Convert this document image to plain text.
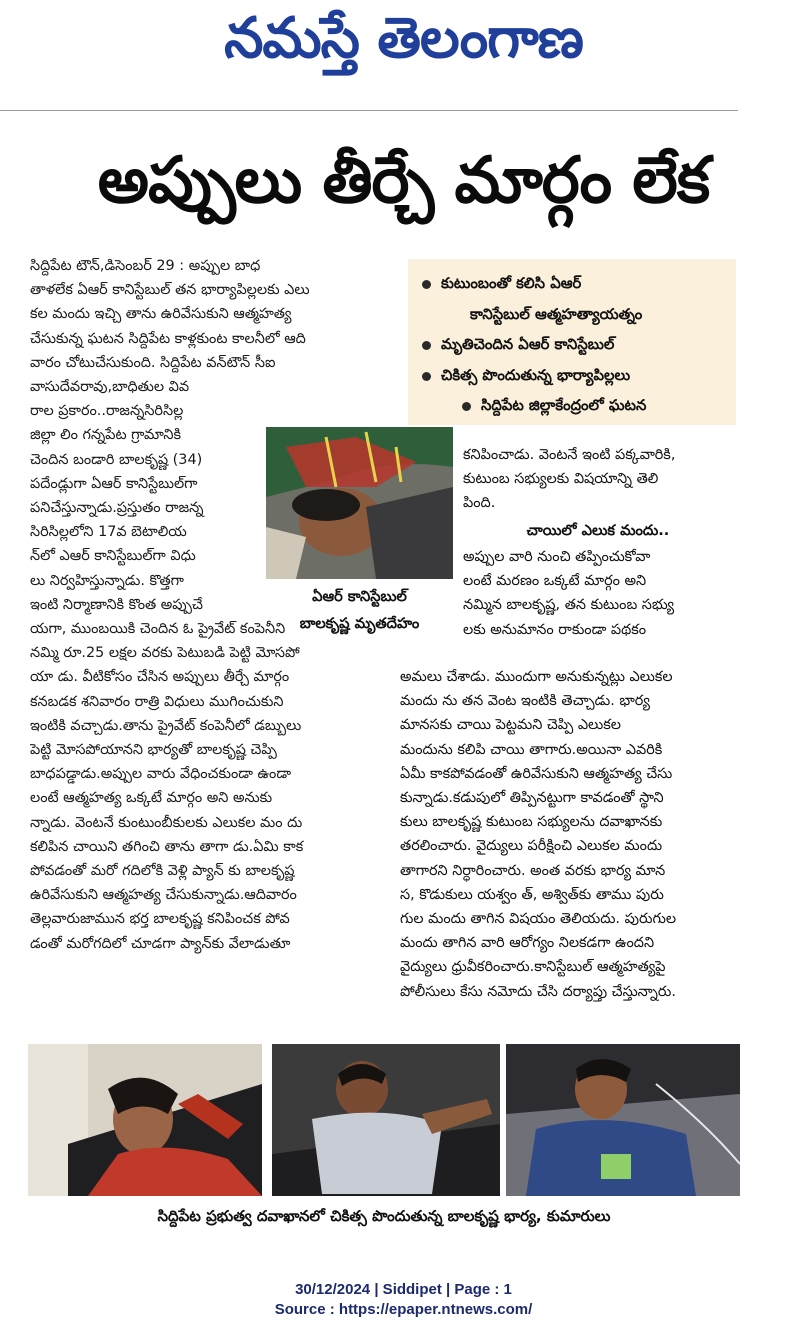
నమస్తే తెలంగాణ
అప్పులు తీర్చే మార్గం లేక
సిద్దిపేట టౌన్,డిసెంబర్ 29 : అప్పుల బాధ
తాళలేక ఏఆర్ కానిస్టేబుల్ తన భార్యాపిల్లలకు ఎలు
కల మందు ఇచ్చి తాను ఉరివేసుకుని ఆత్మహత్య
చేసుకున్న ఘటన సిద్దిపేట కాళ్లకుంట కాలనీలో ఆది
వారం చోటుచేసుకుంది. సిద్దిపేట వన్‌టౌన్ సీఐ
వాసుదేవరావు,బాధితుల వివ
రాల ప్రకారం..రాజన్నసిరిసిల్ల
జిల్లా లిం గన్నపేట గ్రామానికి
చెందిన బండారి బాలకృష్ణ (34)
పదేండ్లుగా ఏఆర్ కానిస్టేబుల్‌గా
పనిచేస్తున్నాడు.ప్రస్తుతం రాజన్న
సిరిసిల్లలోని 17వ బెటాలియ
న్‌లో ఎఆర్ కానిస్టేబుల్‌గా విధు
లు నిర్వహిస్తున్నాడు. కొత్తగా
ఇంటి నిర్మాణానికి కొంత అప్పుచే
యగా, ముంబయికి చెందిన ఓ ప్రైవేట్ కంపెనీని
నమ్మి రూ.25 లక్షల వరకు పెటుబడి పెట్టి మోసపో
యా డు. వీటికోసం చేసిన అప్పులు తీర్చే మార్గం
కనబడక శనివారం రాత్రి విధులు ముగించుకుని
ఇంటికి వచ్చాడు.తాను ప్రైవేట్ కంపెనీలో డబ్బులు
పెట్టి మోసపోయానని భార్యతో బాలకృష్ణ చెప్పి
బాధపడ్డాడు.అప్పుల వారు వేధించకుండా ఉండా
లంటే ఆత్మహత్య ఒక్కటే మార్గం అని అనుకు
న్నాడు. వెంటనే కుంటుంబీకులకు ఎలుకల మం దు
కలిపిన చాయిని తగించి తాను తాగా డు.ఏమి కాక
పోవడంతో మరో గదిలోకి వెళ్లి ప్యాన్ కు బాలకృష్ణ
ఉరివేసుకుని ఆత్మహత్య చేసుకున్నాడు.ఆదివారం
తెల్లవారుజామున భర్త బాలకృష్ణ కనిపించక పోవ
డంతో మరోగదిలో చూడగా ప్యాన్‌కు వేలాడుతూ
కుటుంబంతో కలిసి ఏఆర్
కానిస్టేబుల్ ఆత్మహత్యాయత్నం
మృతిచెందిన ఏఆర్ కానిస్టేబుల్
చికిత్స పొందుతున్న భార్యాపిల్లలు
సిద్దిపేట జిల్లాకేంద్రంలో ఘటన
ఏఆర్ కానిస్టేబుల్
బాలకృష్ణ మృతదేహం
కనిపించాడు. వెంటనే ఇంటి పక్కవారికి,
కుటుంబ సభ్యులకు విషయాన్ని తెలి
పింది.
చాయిలో ఎలుక మందు..
అప్పుల వారి నుంచి తప్పించుకోవా
లంటే మరణం ఒక్కటే మార్గం అని
నమ్మిన బాలకృష్ణ, తన కుటుంబ సభ్యు
లకు అనుమానం రాకుండా పథకం
అమలు చేశాడు. ముందుగా అనుకున్నట్లు ఎలుకల
మందు ను తన వెంట ఇంటికి తెచ్చాడు. భార్య
మానసకు చాయి పెట్టమని చెప్పి ఎలుకల
మందును కలిపి చాయి తాగారు.అయినా ఎవరికి
ఏమీ కాకపోవడంతో ఉరివేసుకుని ఆత్మహత్య చేసు
కున్నాడు.కడుపులో తిప్పినట్టుగా కావడంతో స్థాని
కులు బాలకృష్ణ కుటుంబ సభ్యులను దవాఖానకు
తరలించారు. వైద్యులు పరీక్షించి ఎలుకల మందు
తాగారని నిర్ధారించారు. అంత వరకు భార్య మాన
స, కొడుకులు యశ్వం త్, అశ్విత్‌కు తాము పురు
గుల మందు తాగిన విషయం తెలియదు. పురుగుల
మందు తాగిన వారి ఆరోగ్యం నిలకడగా ఉందని
వైద్యులు ధ్రువీకరించారు.కానిస్టేబుల్ ఆత్మహత్యపై
పోలీసులు కేసు నమోదు చేసి దర్యాప్తు చేస్తున్నారు.
సిద్దిపేట ప్రభుత్వ దవాఖానలో చికిత్స పొందుతున్న బాలకృష్ణ భార్య, కుమారులు
30/12/2024 | Siddipet | Page : 1
Source : https://epaper.ntnews.com/
